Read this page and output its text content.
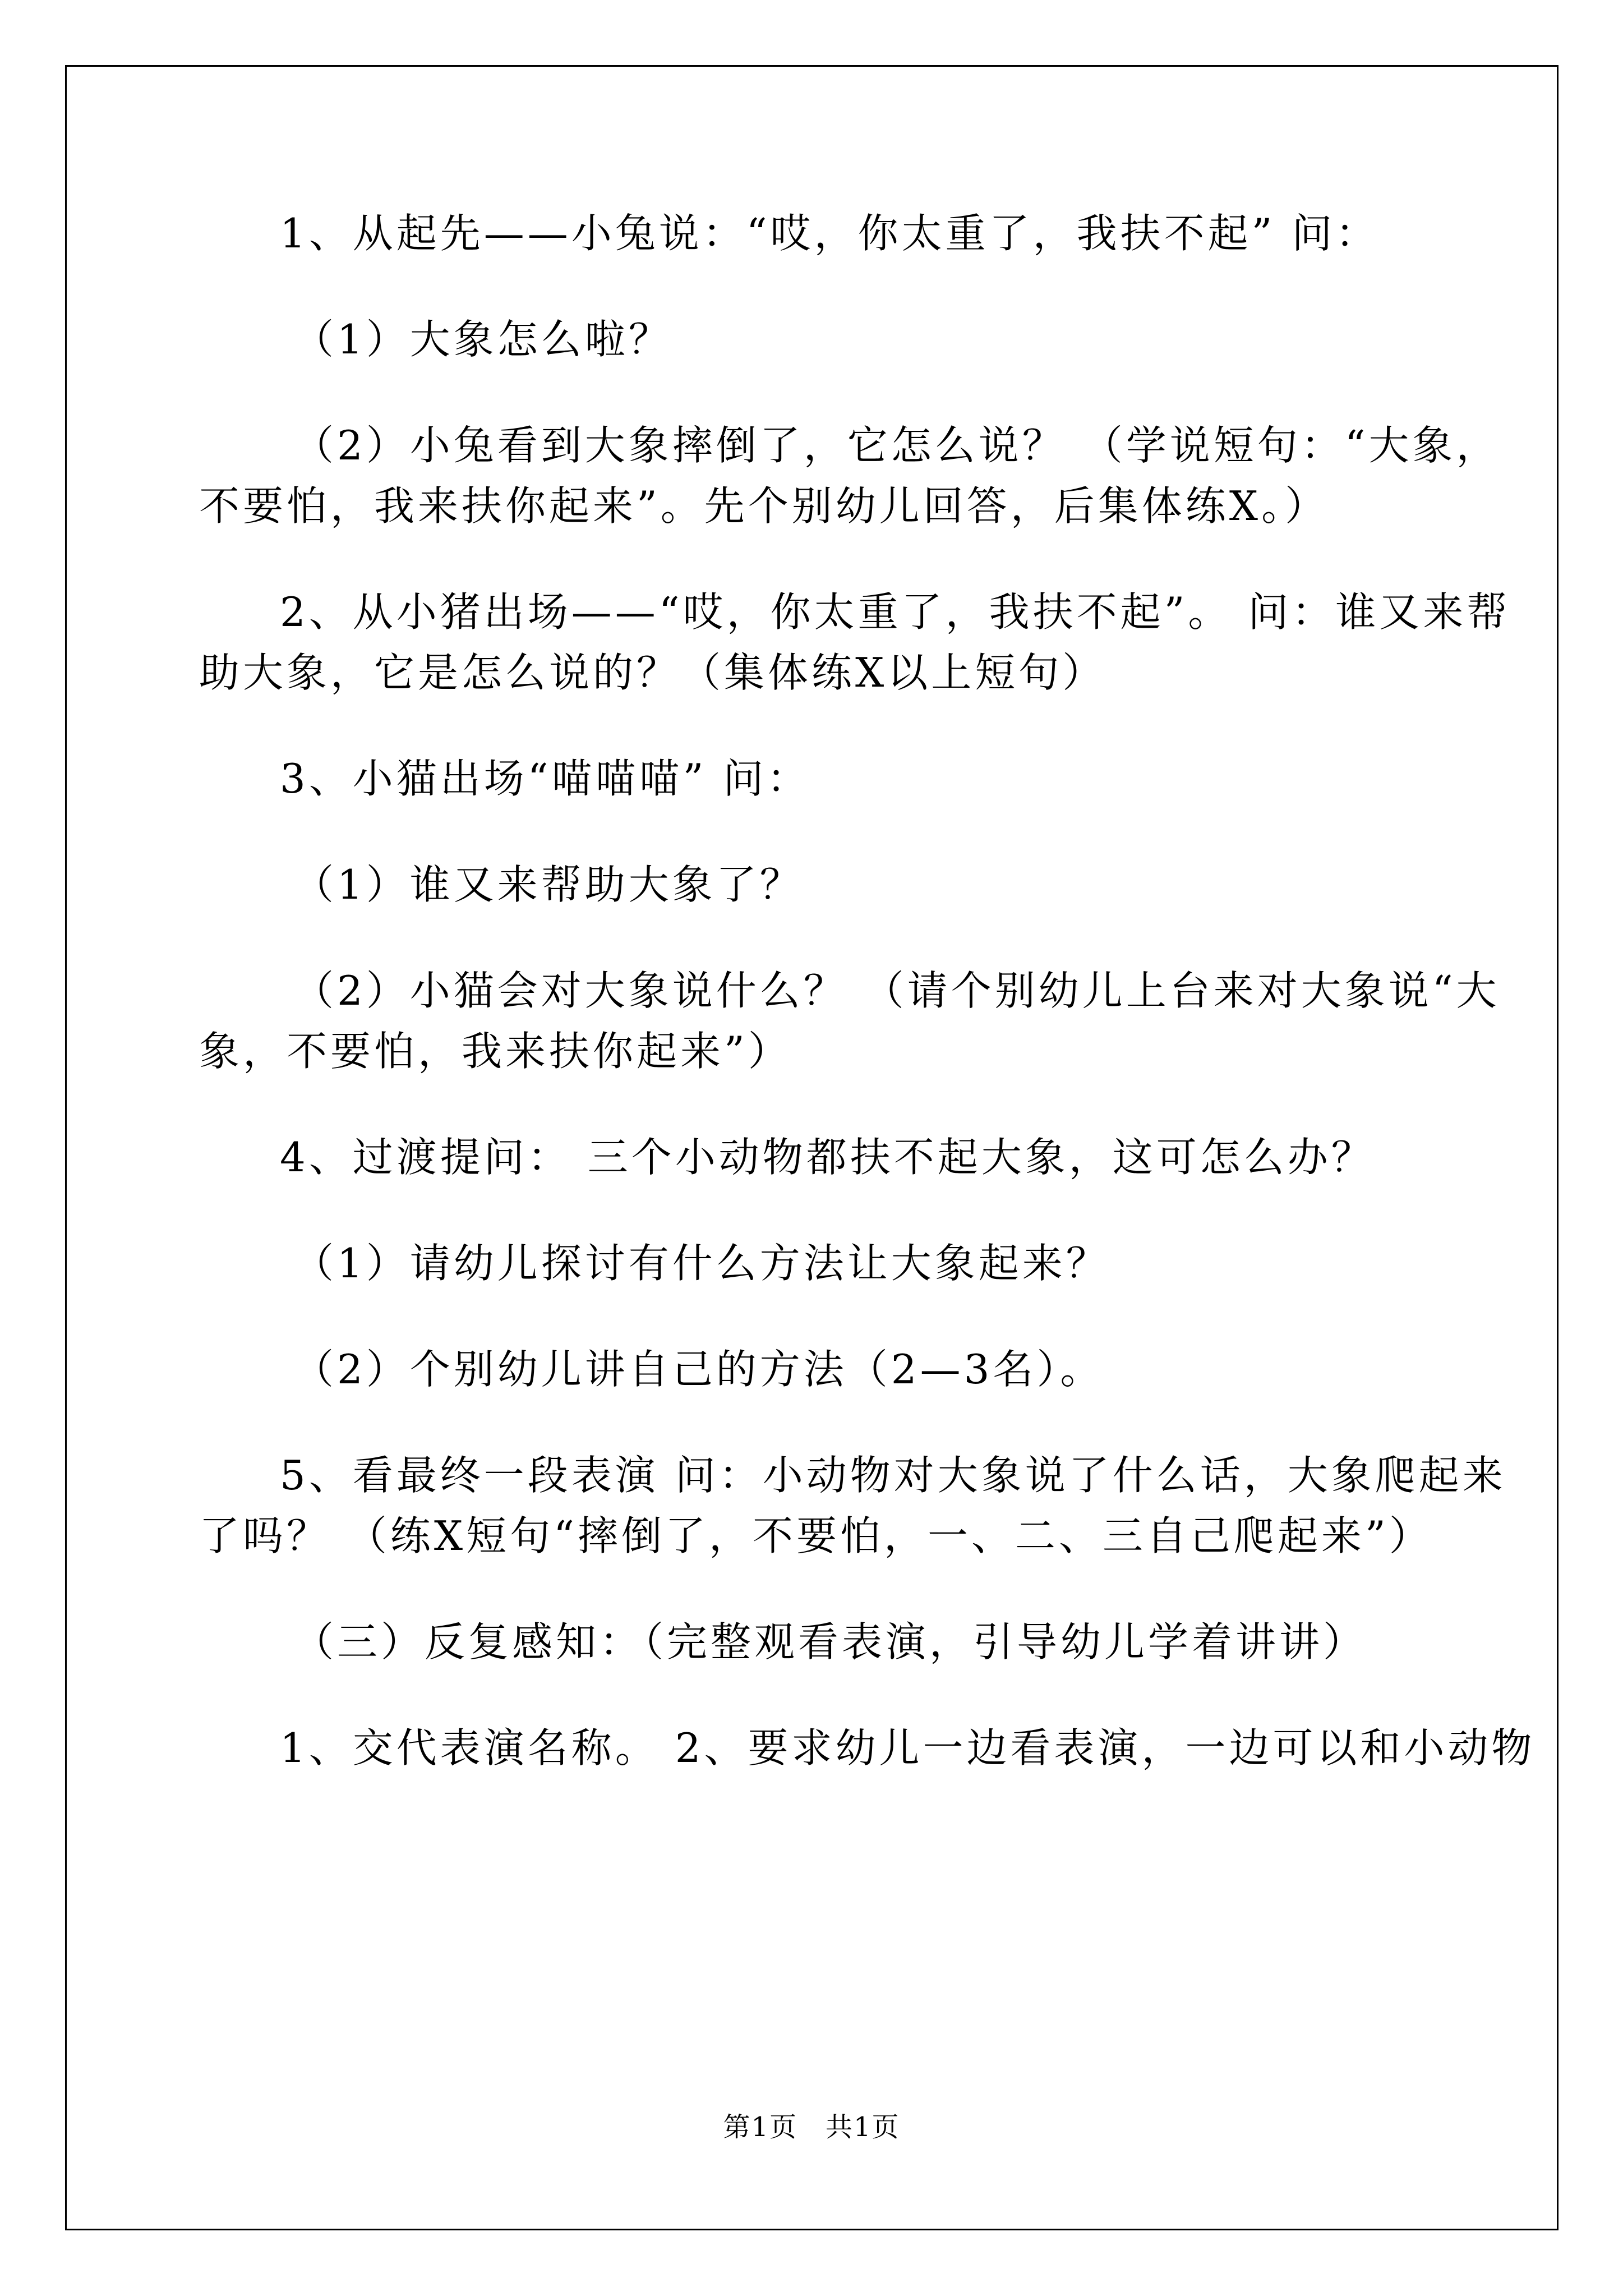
1、从起先——小兔说：“哎，你太重了，我扶不起” 问：
（1）大象怎么啦？
（2）小兔看到大象摔倒了，它怎么说？ （学说短句：“大象，
不要怕，我来扶你起来”。先个别幼儿回答，后集体练X。）
2、从小猪出场——“哎，你太重了，我扶不起”。 问：谁又来帮
助大象，它是怎么说的？（集体练X以上短句）
3、小猫出场“喵喵喵” 问：
（1）谁又来帮助大象了？
（2）小猫会对大象说什么？ （请个别幼儿上台来对大象说“大
象，不要怕，我来扶你起来”）
4、过渡提问： 三个小动物都扶不起大象，这可怎么办？
（1）请幼儿探讨有什么方法让大象起来？
（2）个别幼儿讲自己的方法（2—3名）。
5、看最终一段表演 问：小动物对大象说了什么话，大象爬起来
了吗？ （练X短句“摔倒了，不要怕，一、二、三自己爬起来”）
（三）反复感知：（完整观看表演，引导幼儿学着讲讲）
1、交代表演名称。 2、要求幼儿一边看表演，一边可以和小动物
第1页　共1页
